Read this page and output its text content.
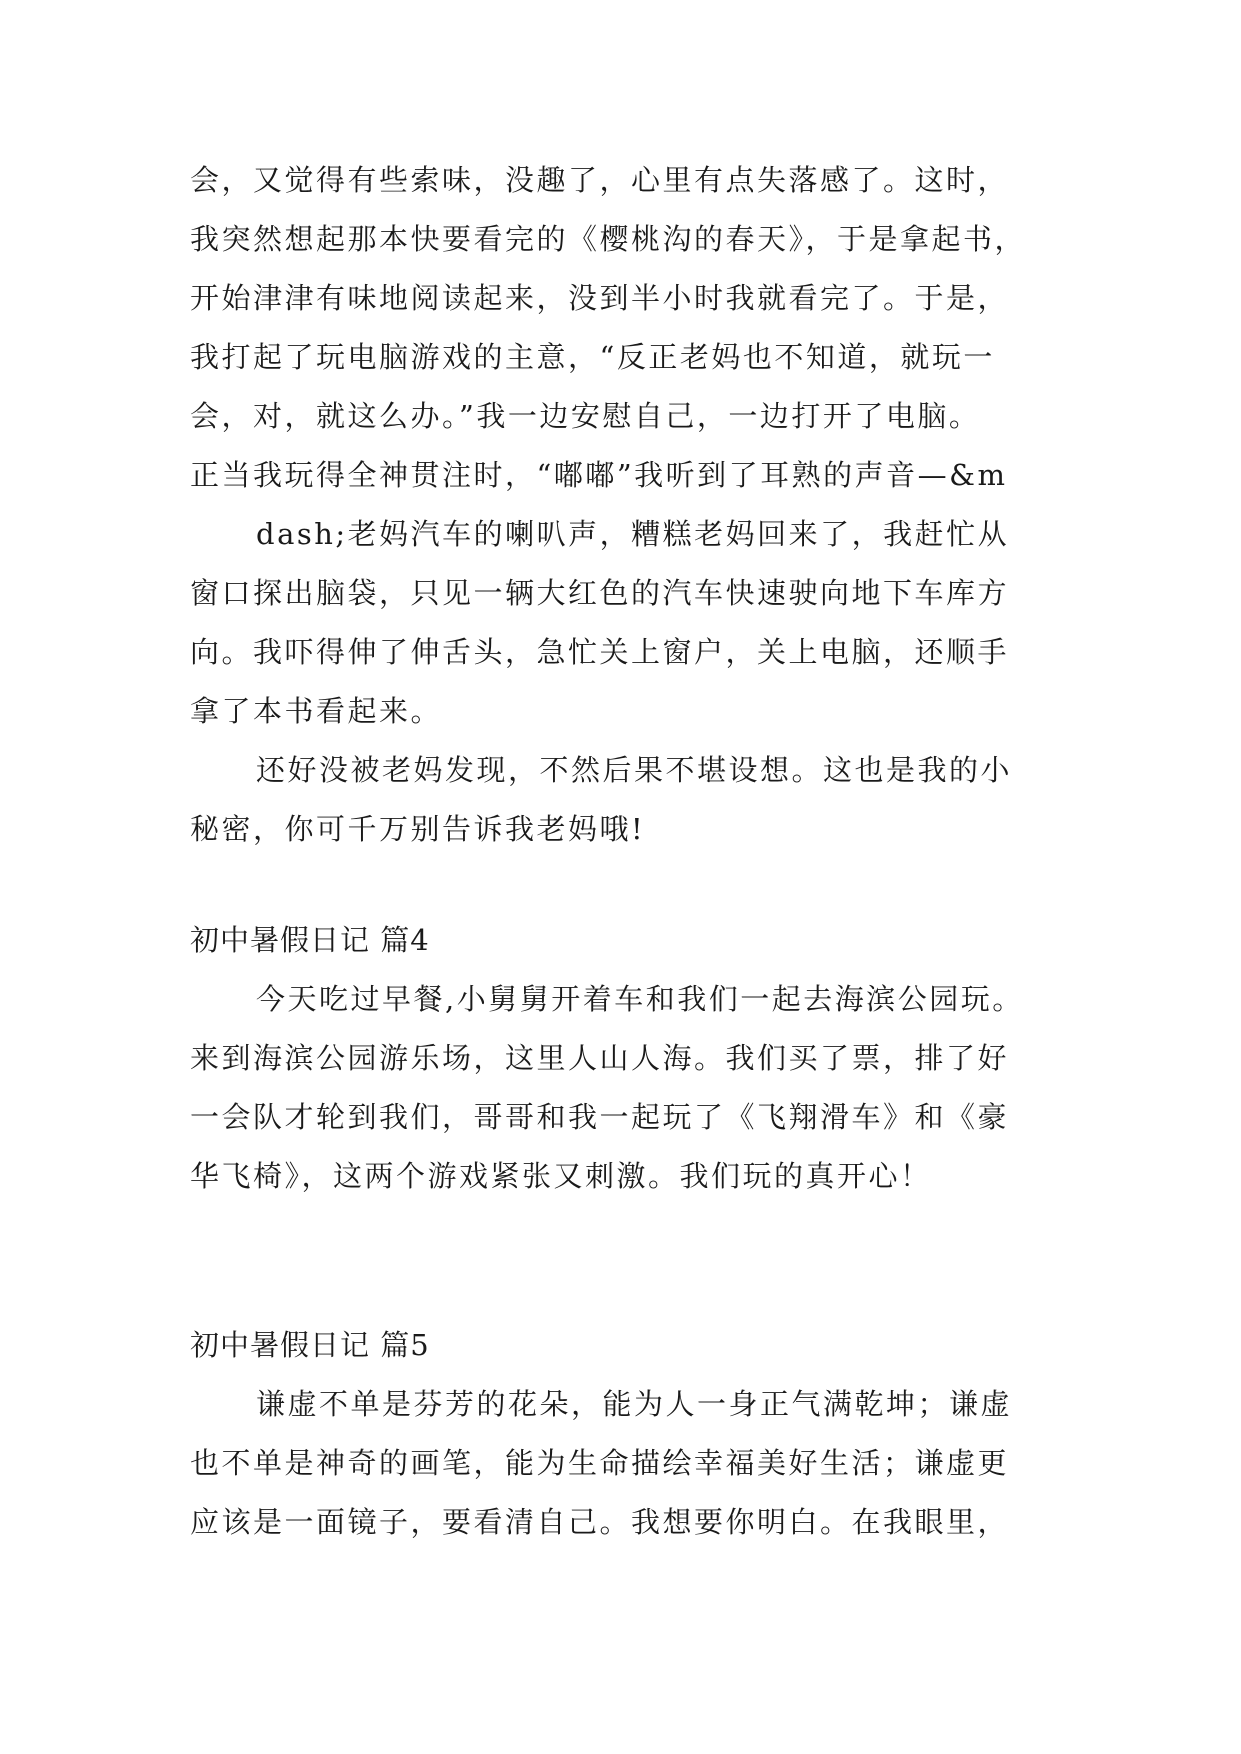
会，又觉得有些索味，没趣了，心里有点失落感了。这时，
我突然想起那本快要看完的《樱桃沟的春天》，于是拿起书，
开始津津有味地阅读起来，没到半小时我就看完了。于是，
我打起了玩电脑游戏的主意，“反正老妈也不知道，就玩一
会，对，就这么办。”我一边安慰自己，一边打开了电脑。
正当我玩得全神贯注时，“嘟嘟”我听到了耳熟的声音—&m
dash;老妈汽车的喇叭声，糟糕老妈回来了，我赶忙从
窗口探出脑袋，只见一辆大红色的汽车快速驶向地下车库方
向。我吓得伸了伸舌头，急忙关上窗户，关上电脑，还顺手
拿了本书看起来。
还好没被老妈发现，不然后果不堪设想。这也是我的小
秘密，你可千万别告诉我老妈哦!
初中暑假日记 篇4
今天吃过早餐,小舅舅开着车和我们一起去海滨公园玩。
来到海滨公园游乐场，这里人山人海。我们买了票，排了好
一会队才轮到我们，哥哥和我一起玩了《飞翔滑车》和《豪
华飞椅》，这两个游戏紧张又刺激。我们玩的真开心！
初中暑假日记 篇5
谦虚不单是芬芳的花朵，能为人一身正气满乾坤；谦虚
也不单是神奇的画笔，能为生命描绘幸福美好生活；谦虚更
应该是一面镜子，要看清自己。我想要你明白。在我眼里，
